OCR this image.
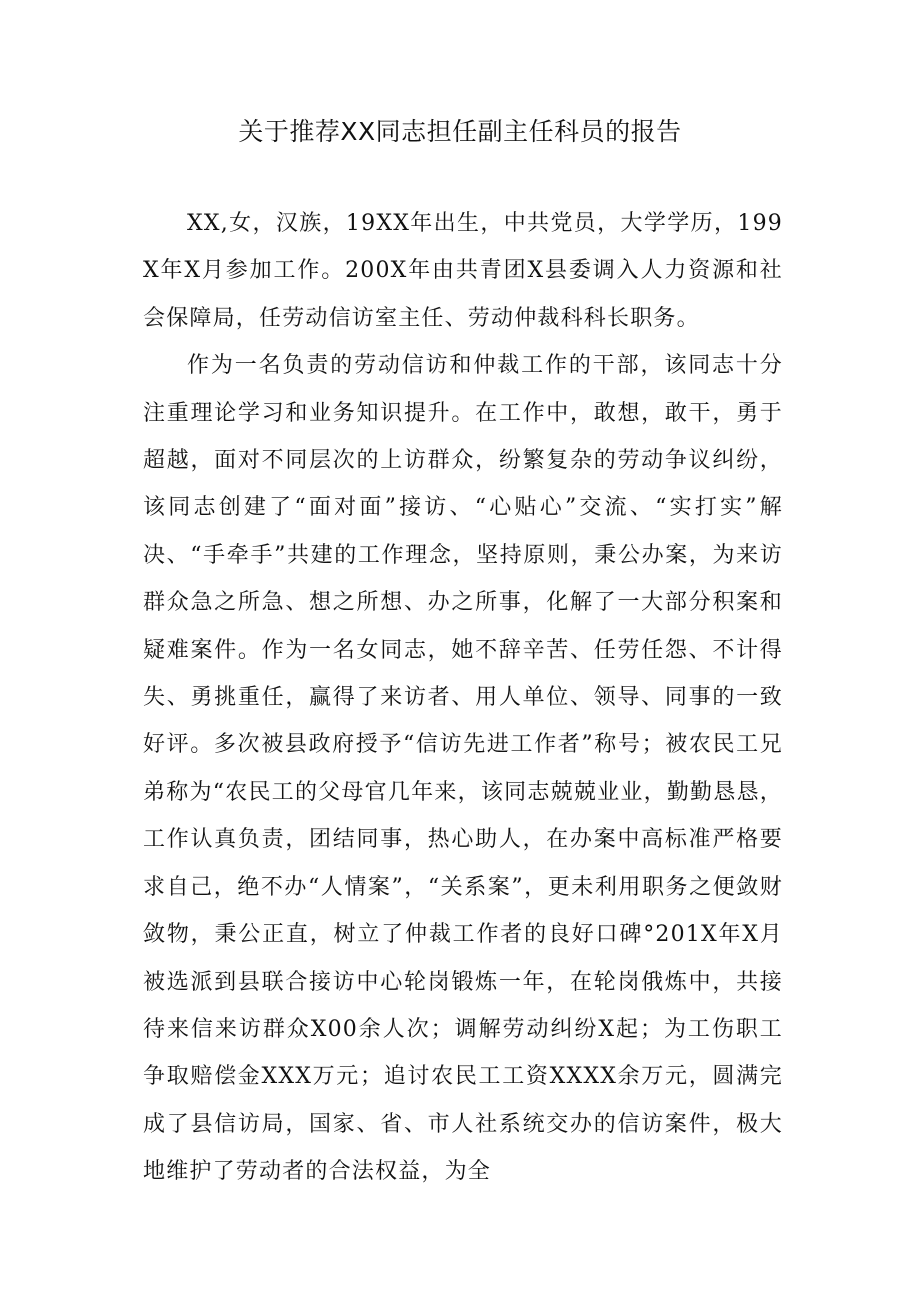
关于推荐XX同志担任副主任科员的报告

XX,女，汉族，19XX年出生，中共党员，大学学历，199X年X月参加工作。200X年由共青团X县委调入人力资源和社会保障局，任劳动信访室主任、劳动仲裁科科长职务。

作为一名负责的劳动信访和仲裁工作的干部，该同志十分注重理论学习和业务知识提升。在工作中，敢想，敢干，勇于超越，面对不同层次的上访群众，纷繁复杂的劳动争议纠纷，该同志创建了“面对面”接访、“心贴心”交流、“实打实”解决、“手牵手”共建的工作理念，坚持原则，秉公办案，为来访群众急之所急、想之所想、办之所事，化解了一大部分积案和疑难案件。作为一名女同志，她不辞辛苦、任劳任怨、不计得失、勇挑重任，赢得了来访者、用人单位、领导、同事的一致好评。多次被县政府授予“信访先进工作者”称号；被农民工兄弟称为“农民工的父母官几年来，该同志兢兢业业，勤勤恳恳，工作认真负责，团结同事，热心助人，在办案中高标准严格要求自己，绝不办“人情案”，“关系案”，更未利用职务之便敛财敛物，秉公正直，树立了仲裁工作者的良好口碑°201X年X月被选派到县联合接访中心轮岗锻炼一年，在轮岗俄炼中，共接待来信来访群众X00余人次；调解劳动纠纷X起；为工伤职工争取赔偿金XXX万元；追讨农民工工资XXXX余万元，圆满完成了县信访局，国家、省、市人社系统交办的信访案件，极大地维护了劳动者的合法权益，为全
